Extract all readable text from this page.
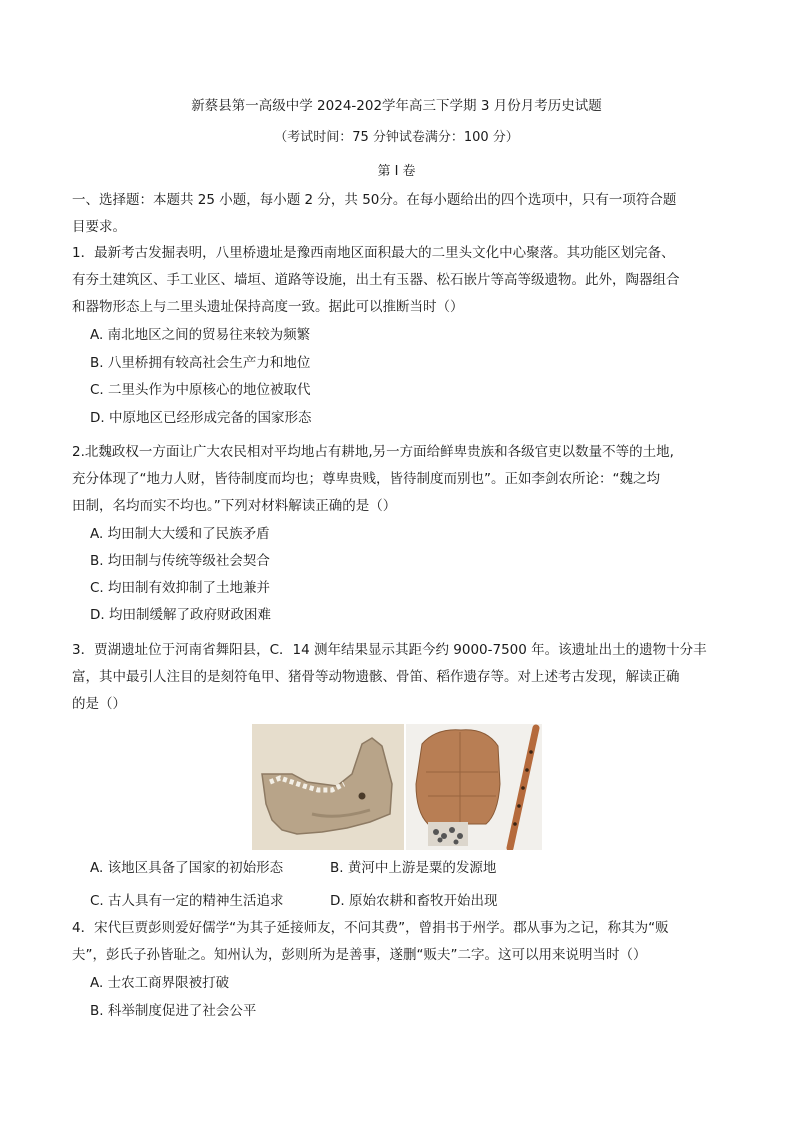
新蔡县第一高级中学 2024-202学年高三下学期 3 月份月考历史试题
（考试时间：75 分钟试卷满分：100 分）
第 I 卷
一、选择题：本题共 25 小题，每小题 2 分，共 50分。在每小题给出的四个选项中，只有一项符合题
目要求。
1．最新考古发掘表明，八里桥遗址是豫西南地区面积最大的二里头文化中心聚落。其功能区划完备、
有夯土建筑区、手工业区、墙垣、道路等设施，出土有玉器、松石嵌片等高等级遗物。此外，陶器组合
和器物形态上与二里头遗址保持高度一致。据此可以推断当时（）
A. 南北地区之间的贸易往来较为频繁
B. 八里桥拥有较高社会生产力和地位
C. 二里头作为中原核心的地位被取代
D. 中原地区已经形成完备的国家形态
2.北魏政权一方面让广大农民相对平均地占有耕地,另一方面给鲜卑贵族和各级官吏以数量不等的土地,
充分体现了“地力人财，皆待制度而均也；尊卑贵贱，皆待制度而别也”。正如李剑农所论：“魏之均
田制，名均而实不均也。”下列对材料解读正确的是（）
A. 均田制大大缓和了民族矛盾
B. 均田制与传统等级社会契合
C. 均田制有效抑制了土地兼并
D. 均田制缓解了政府财政困难
3．贾湖遗址位于河南省舞阳县，C．14 测年结果显示其距今约 9000-7500 年。该遗址出土的遗物十分丰
富，其中最引人注目的是刻符龟甲、猪骨等动物遗骸、骨笛、稻作遗存等。对上述考古发现，解读正确
的是（）
A. 该地区具备了国家的初始形态	B. 黄河中上游是粟的发源地
C. 古人具有一定的精神生活追求	D. 原始农耕和畜牧开始出现
4．宋代巨贾彭则爱好儒学“为其子延接师友，不问其费”，曾捐书于州学。郡从事为之记，称其为“贩
夫”，彭氏子孙皆耻之。知州认为，彭则所为是善事，遂删“贩夫”二字。这可以用来说明当时（）
A. 士农工商界限被打破
B. 科举制度促进了社会公平
